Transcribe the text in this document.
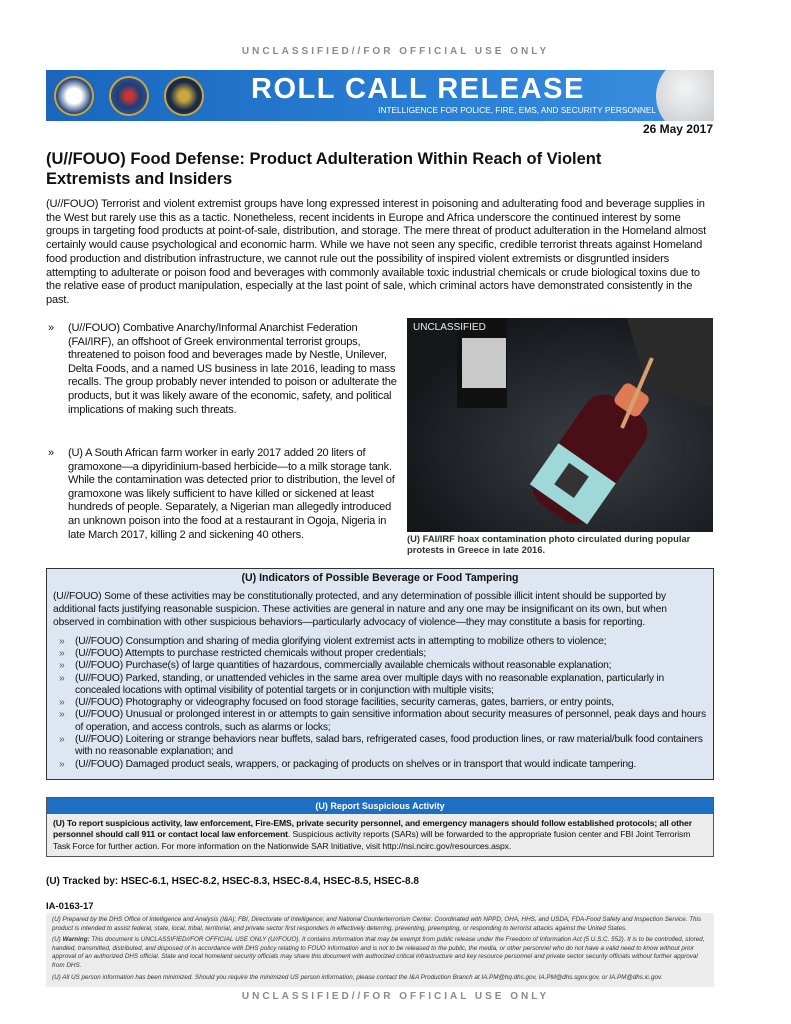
UNCLASSIFIED//FOR OFFICIAL USE ONLY
ROLL CALL RELEASE
INTELLIGENCE FOR POLICE, FIRE, EMS, AND SECURITY PERSONNEL
26 May 2017
(U//FOUO) Food Defense: Product Adulteration Within Reach of Violent Extremists and Insiders
(U//FOUO) Terrorist and violent extremist groups have long expressed interest in poisoning and adulterating food and beverage supplies in the West but rarely use this as a tactic. Nonetheless, recent incidents in Europe and Africa underscore the continued interest by some groups in targeting food products at point-of-sale, distribution, and storage. The mere threat of product adulteration in the Homeland almost certainly would cause psychological and economic harm. While we have not seen any specific, credible terrorist threats against Homeland food production and distribution infrastructure, we cannot rule out the possibility of inspired violent extremists or disgruntled insiders attempting to adulterate or poison food and beverages with commonly available toxic industrial chemicals or crude biological toxins due to the relative ease of product manipulation, especially at the last point of sale, which criminal actors have demonstrated consistently in the past.
»	(U//FOUO) Combative Anarchy/Informal Anarchist Federation (FAI/IRF), an offshoot of Greek environmental terrorist groups, threatened to poison food and beverages made by Nestle, Unilever, Delta Foods, and a named US business in late 2016, leading to mass recalls. The group probably never intended to poison or adulterate the products, but it was likely aware of the economic, safety, and political implications of making such threats.
»	(U) A South African farm worker in early 2017 added 20 liters of gramoxone—a dipyridinium-based herbicide—to a milk storage tank. While the contamination was detected prior to distribution, the level of gramoxone was likely sufficient to have killed or sickened at least hundreds of people. Separately, a Nigerian man allegedly introduced an unknown poison into the food at a restaurant in Ogoja, Nigeria in late March 2017, killing 2 and sickening 40 others.
UNCLASSIFIED
(U) FAI/IRF hoax contamination photo circulated during popular protests in Greece in late 2016.
(U) Indicators of Possible Beverage or Food Tampering
(U//FOUO) Some of these activities may be constitutionally protected, and any determination of possible illicit intent should be supported by additional facts justifying reasonable suspicion. These activities are general in nature and any one may be insignificant on its own, but when observed in combination with other suspicious behaviors—particularly advocacy of violence—they may constitute a basis for reporting.
»	(U//FOUO) Consumption and sharing of media glorifying violent extremist acts in attempting to mobilize others to violence;
»	(U//FOUO) Attempts to purchase restricted chemicals without proper credentials;
»	(U//FOUO) Purchase(s) of large quantities of hazardous, commercially available chemicals without reasonable explanation;
»	(U//FOUO) Parked, standing, or unattended vehicles in the same area over multiple days with no reasonable explanation, particularly in concealed locations with optimal visibility of potential targets or in conjunction with multiple visits;
»	(U//FOUO) Photography or videography focused on food storage facilities, security cameras, gates, barriers, or entry points,
»	(U//FOUO) Unusual or prolonged interest in or attempts to gain sensitive information about security measures of personnel, peak days and hours of operation, and access controls, such as alarms or locks;
»	(U//FOUO) Loitering or strange behaviors near buffets, salad bars, refrigerated cases, food production lines, or raw material/bulk food containers with no reasonable explanation; and
»	(U//FOUO) Damaged product seals, wrappers, or packaging of products on shelves or in transport that would indicate tampering.
(U) Report Suspicious Activity
(U) To report suspicious activity, law enforcement, Fire-EMS, private security personnel, and emergency managers should follow established protocols; all other personnel should call 911 or contact local law enforcement. Suspicious activity reports (SARs) will be forwarded to the appropriate fusion center and FBI Joint Terrorism Task Force for further action. For more information on the Nationwide SAR Initiative, visit http://nsi.ncirc.gov/resources.aspx.
(U) Tracked by: HSEC-6.1, HSEC-8.2, HSEC-8.3, HSEC-8.4, HSEC-8.5, HSEC-8.8
IA-0163-17

(U) Prepared by the DHS Office of Intelligence and Analysis (I&A); FBI, Directorate of Intelligence; and National Counterterrorism Center. Coordinated with NPPD, OHA, HHS, and USDA, FDA-Food Safety and Inspection Service. This product is intended to assist federal, state, local, tribal, territorial, and private sector first responders in effectively deterring, preventing, preempting, or responding to terrorist attacks against the United States.

(U) Warning: This document is UNCLASSIFIED//FOR OFFICIAL USE ONLY (U//FOUO). It contains information that may be exempt from public release under the Freedom of Information Act (5 U.S.C. 552). It is to be controlled, stored, handled, transmitted, distributed, and disposed of in accordance with DHS policy relating to FOUO information and is not to be released to the public, the media, or other personnel who do not have a valid need to know without prior approval of an authorized DHS official. State and local homeland security officials may share this document with authorized critical infrastructure and key resource personnel and private sector security officials without further approval from DHS.

(U) All US person information has been minimized. Should you require the minimized US person information, please contact the I&A Production Branch at IA.PM@hq.dhs.gov, IA.PM@dhs.sgov.gov, or IA.PM@dhs.ic.gov.

UNCLASSIFIED//FOR OFFICIAL USE ONLY
